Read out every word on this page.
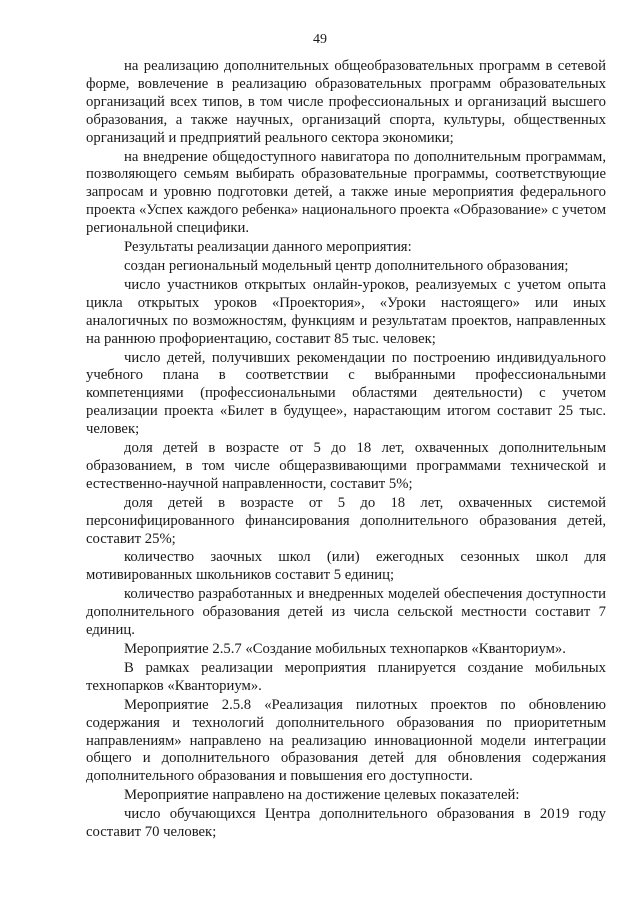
49

на реализацию дополнительных общеобразовательных программ в сетевой форме, вовлечение в реализацию образовательных программ образовательных организаций всех типов, в том числе профессиональных и организаций высшего образования, а также научных, организаций спорта, культуры, общественных организаций и предприятий реального сектора экономики;

на внедрение общедоступного навигатора по дополнительным программам, позволяющего семьям выбирать образовательные программы, соответствующие запросам и уровню подготовки детей, а также иные мероприятия федерального проекта «Успех каждого ребенка» национального проекта «Образование» с учетом региональной специфики.

Результаты реализации данного мероприятия:

создан региональный модельный центр дополнительного образования;

число участников открытых онлайн-уроков, реализуемых с учетом опыта цикла открытых уроков «Проектория», «Уроки настоящего» или иных аналогичных по возможностям, функциям и результатам проектов, направленных на раннюю профориентацию, составит 85 тыс. человек;

число детей, получивших рекомендации по построению индивидуального учебного плана в соответствии с выбранными профессиональными компетенциями (профессиональными областями деятельности) с учетом реализации проекта «Билет в будущее», нарастающим итогом составит 25 тыс. человек;

доля детей в возрасте от 5 до 18 лет, охваченных дополнительным образованием, в том числе общеразвивающими программами технической и естественно-научной направленности, составит 5%;

доля детей в возрасте от 5 до 18 лет, охваченных системой персонифицированного финансирования дополнительного образования детей, составит 25%;

количество заочных школ (или) ежегодных сезонных школ для мотивированных школьников составит 5 единиц;

количество разработанных и внедренных моделей обеспечения доступности дополнительного образования детей из числа сельской местности составит 7 единиц.

Мероприятие 2.5.7 «Создание мобильных технопарков «Кванториум».

В рамках реализации мероприятия планируется создание мобильных технопарков «Кванториум».

Мероприятие 2.5.8 «Реализация пилотных проектов по обновлению содержания и технологий дополнительного образования по приоритетным направлениям» направлено на реализацию инновационной модели интеграции общего и дополнительного образования детей для обновления содержания дополнительного образования и повышения его доступности.

Мероприятие направлено на достижение целевых показателей:

число обучающихся Центра дополнительного образования в 2019 году составит 70 человек;
